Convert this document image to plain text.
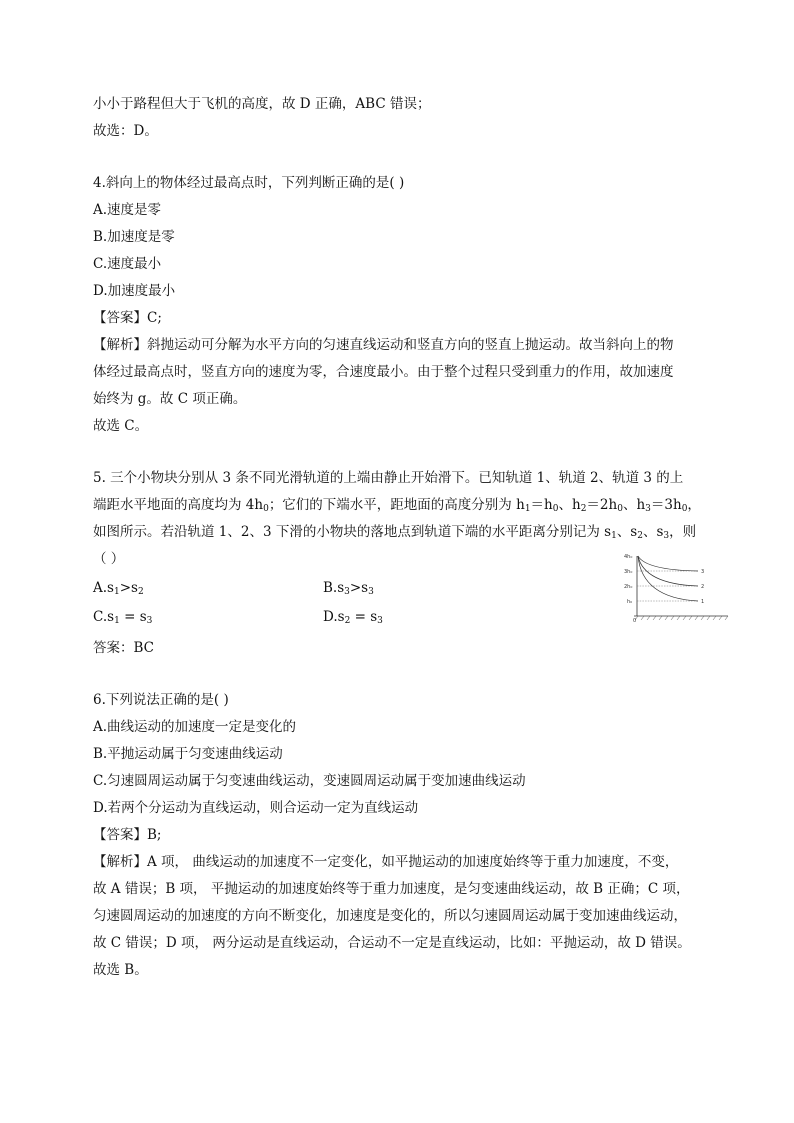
小小于路程但大于飞机的高度，故 D 正确，ABC 错误；
故选：D。
4.斜向上的物体经过最高点时，下列判断正确的是( )
A.速度是零
B.加速度是零
C.速度最小
D.加速度最小
【答案】C;
【解析】斜抛运动可分解为水平方向的匀速直线运动和竖直方向的竖直上抛运动。故当斜向上的物
体经过最高点时，竖直方向的速度为零，合速度最小。由于整个过程只受到重力的作用，故加速度
始终为 g。故 C 项正确。
故选 C。
5. 三个小物块分别从 3 条不同光滑轨道的上端由静止开始滑下。已知轨道 1、轨道 2、轨道 3 的上
端距水平地面的高度均为 $4h_0$；它们的下端水平，距地面的高度分别为 $h_1=h_0$、$h_2=2h_0$、$h_3=3h_0$，
如图所示。若沿轨道 1、2、3 下滑的小物块的落地点到轨道下端的水平距离分别记为 $s_1$、$s_2$、$s_3$，则
（ ）
$A.s_1>s_2$	$B.s_3>s_3$
$C.s_1 = s_3$	$D.s_2 = s_3$
答案：BC
4h₀
3h₀
2h₀
h₀
0
3
2
1
6.下列说法正确的是( )
A.曲线运动的加速度一定是变化的
B.平抛运动属于匀变速曲线运动
C.匀速圆周运动属于匀变速曲线运动，变速圆周运动属于变加速曲线运动
D.若两个分运动为直线运动，则合运动一定为直线运动
【答案】B;
【解析】A 项， 曲线运动的加速度不一定变化，如平抛运动的加速度始终等于重力加速度，不变，
故 A 错误；B 项， 平抛运动的加速度始终等于重力加速度，是匀变速曲线运动，故 B 正确；C 项，
匀速圆周运动的加速度的方向不断变化，加速度是变化的，所以匀速圆周运动属于变加速曲线运动，
故 C 错误；D 项， 两分运动是直线运动，合运动不一定是直线运动，比如：平抛运动，故 D 错误。
故选 B。
